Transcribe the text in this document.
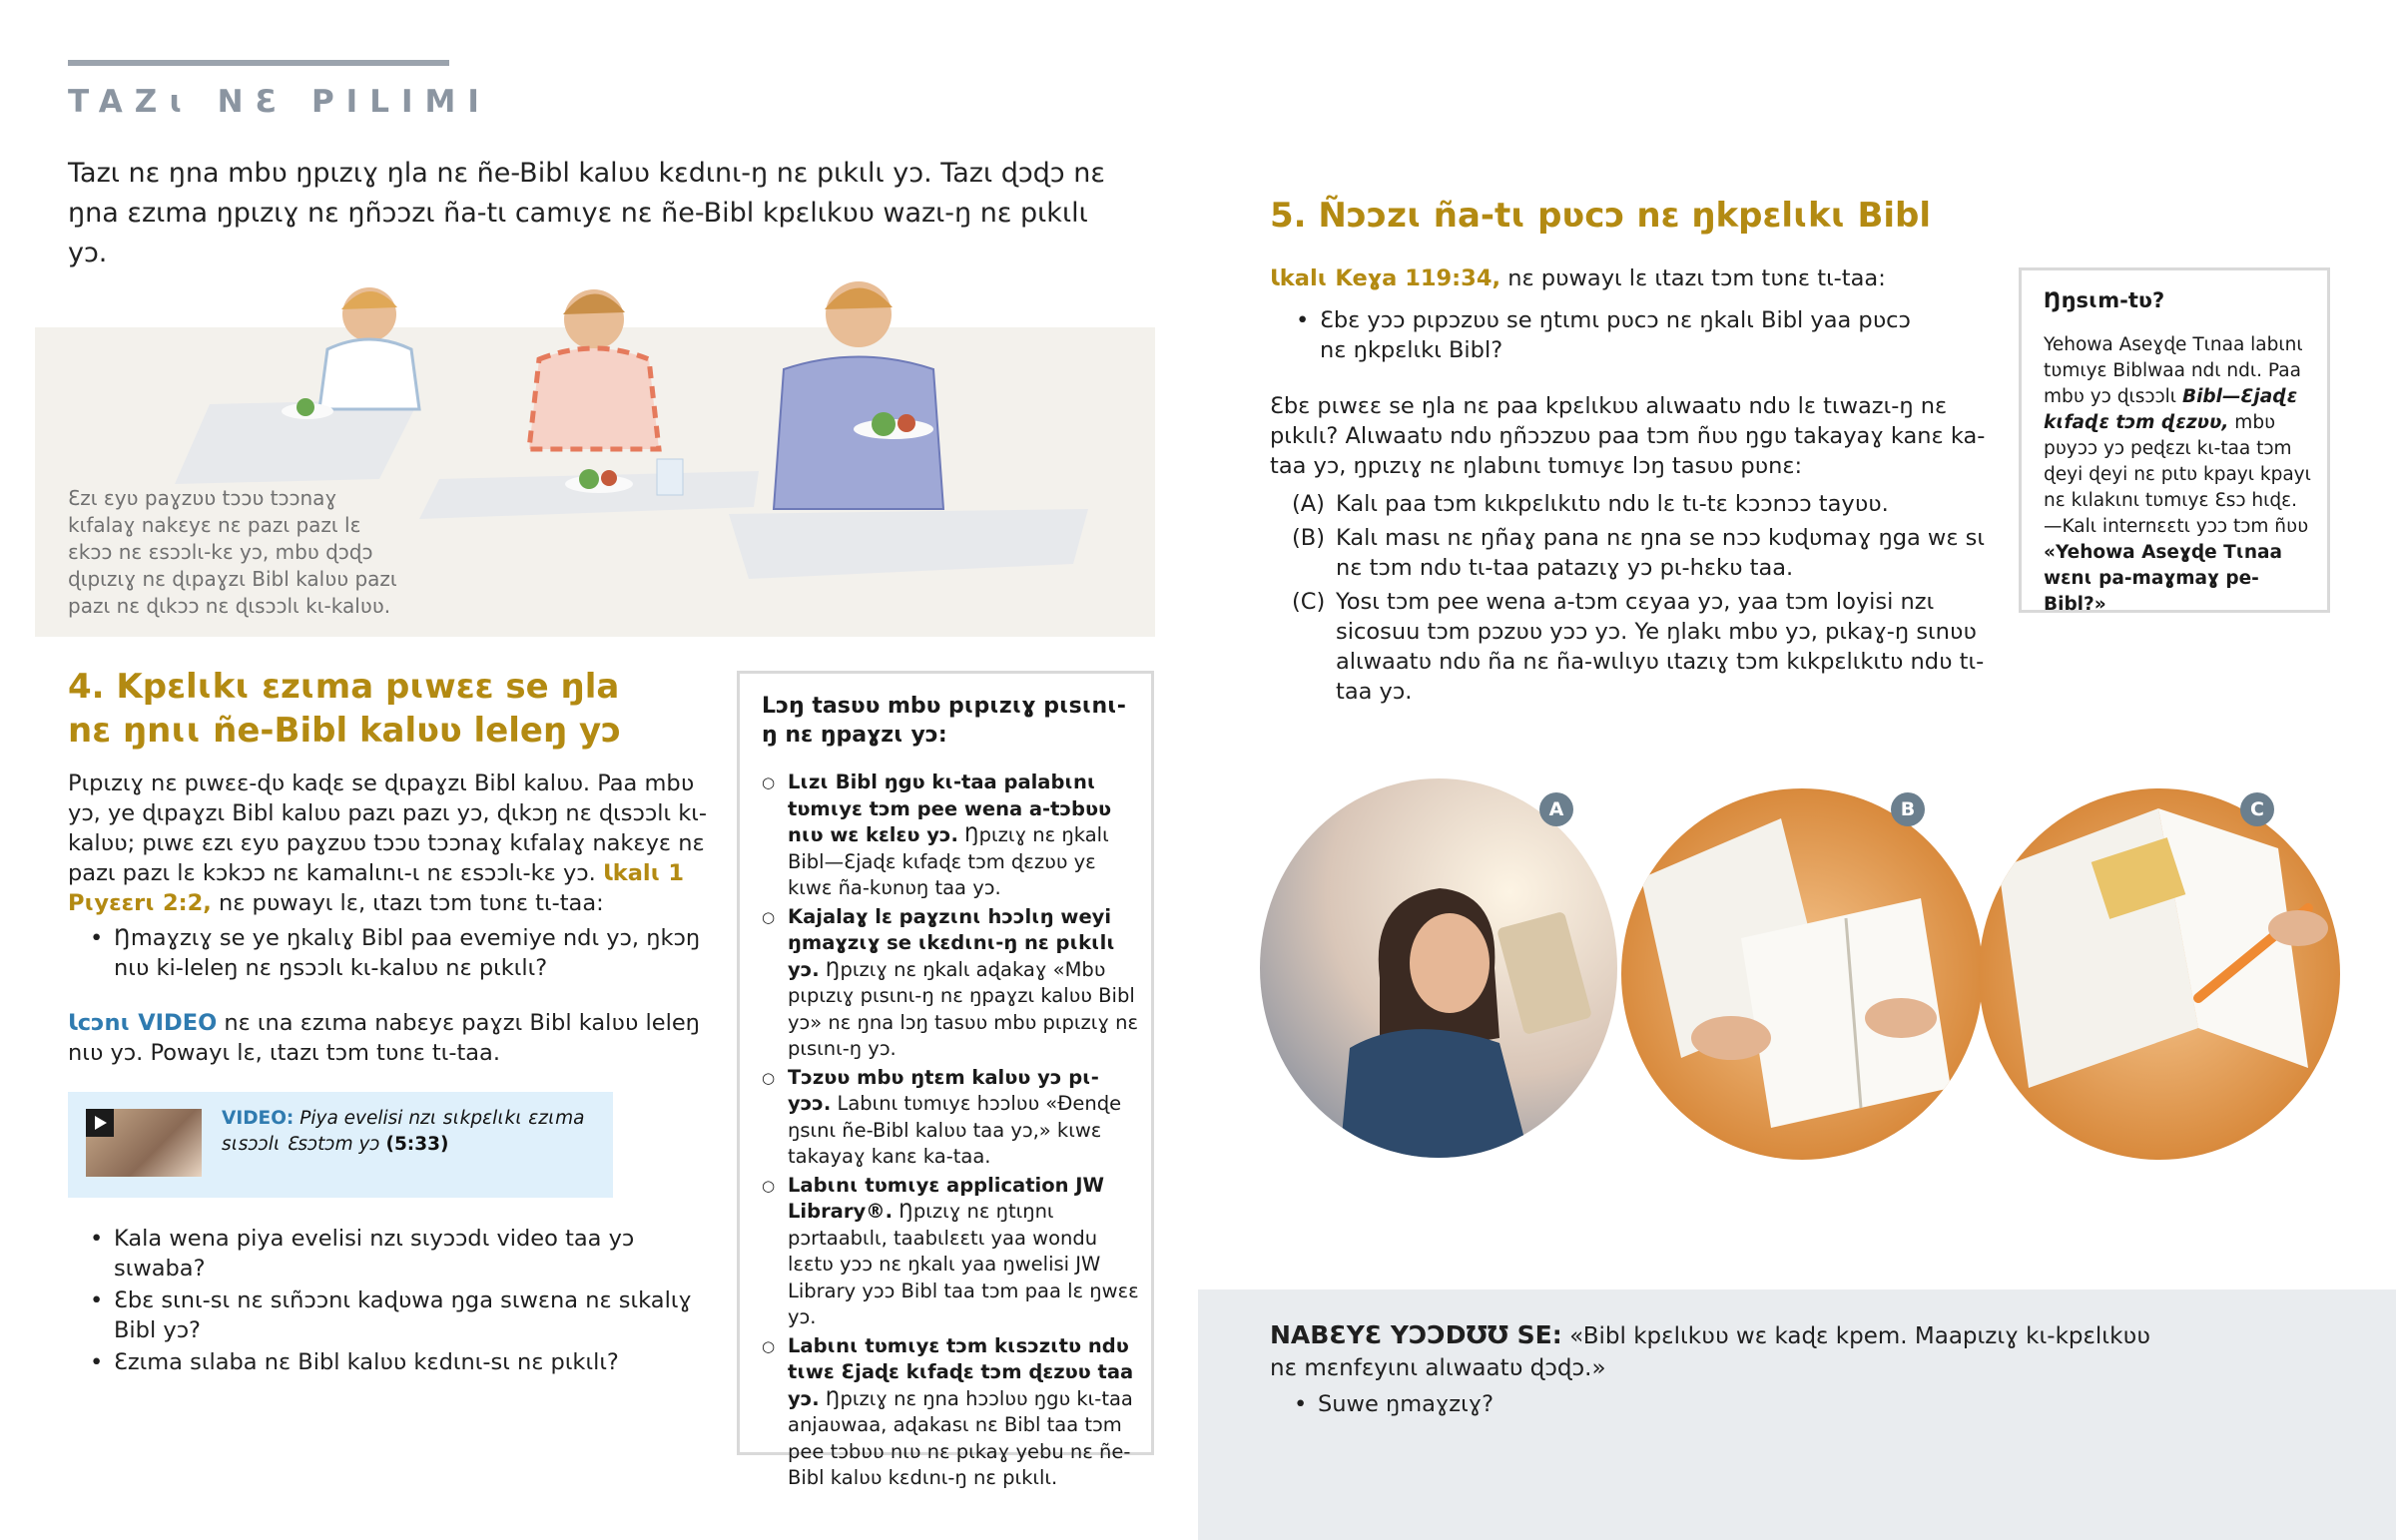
TAZɩ NƐ PILIMI
Tazɩ nɛ ŋna mbʋ ŋpɩzɩɣ ŋla nɛ ñe-Bibl kalʋʋ kɛdɩnɩ-ŋ nɛ pɩkɩlɩ yɔ. Tazɩ ɖɔɖɔ nɛ ŋna ɛzɩma ŋpɩzɩɣ nɛ ŋñɔɔzɩ ña-tɩ camɩyɛ nɛ ñe-Bibl kpɛlɩkʋʋ wazɩ-ŋ nɛ pɩkɩlɩ yɔ.
Ɛzɩ ɛyʋ paɣzʋʋ tɔɔʋ tɔɔnaɣ kɩfalaɣ nakɛyɛ nɛ pazɩ pazɩ lɛ ɛkɔɔ nɛ ɛsɔɔlɩ-kɛ yɔ, mbʋ ɖɔɖɔ ɖɩpɩzɩɣ nɛ ɖɩpaɣzɩ Bibl kalʋʋ pazɩ pazɩ nɛ ɖɩkɔɔ nɛ ɖɩsɔɔlɩ kɩ-kalʋʋ.
4. Kpɛlɩkɩ ɛzɩma pɩwɛɛ se ŋla nɛ ŋnɩɩ ñe-Bibl kalʋʋ leleŋ yɔ
Pɩpɩzɩɣ nɛ pɩwɛɛ-ɖʋ kaɖɛ se ɖɩpaɣzɩ Bibl kalʋʋ. Paa mbʋ yɔ, ye ɖɩpaɣzɩ Bibl kalʋʋ pazɩ pazɩ yɔ, ɖɩkɔŋ nɛ ɖɩsɔɔlɩ kɩ-kalʋʋ; pɩwɛ ɛzɩ ɛyʋ paɣzʋʋ tɔɔʋ tɔɔnaɣ kɩfalaɣ nakɛyɛ nɛ pazɩ pazɩ lɛ kɔkɔɔ nɛ kamalɩnɩ-ɩ nɛ ɛsɔɔlɩ-kɛ yɔ. Ɩkalɩ 1 Pɩyɛɛrɩ 2:2, nɛ pʋwayɩ lɛ, ɩtazɩ tɔm tʋnɛ tɩ-taa:
• Ŋmaɣzɩɣ se ye ŋkalɩɣ Bibl paa evemiye ndɩ yɔ, ŋkɔŋ nɩʋ ki-leleŋ nɛ ŋsɔɔlɩ kɩ-kalʋʋ nɛ pɩkɩlɩ?
Ɩcɔnɩ VIDEO nɛ ɩna ɛzɩma nabɛyɛ paɣzɩ Bibl kalʋʋ leleŋ nɩʋ yɔ. Powayɩ lɛ, ɩtazɩ tɔm tʋnɛ tɩ-taa.
VIDEO: Piya evelisi nzɩ sɩkpɛlɩkɩ ɛzɩma sɩsɔɔlɩ Ɛsɔtɔm yɔ (5:33)
• Kala wena piya evelisi nzɩ sɩyɔɔdɩ video taa yɔ sɩwaba?
• Ɛbɛ sɩnɩ-sɩ nɛ sɩñɔɔnɩ kaɖʋwa ŋga sɩwɛna nɛ sɩkalɩɣ Bibl yɔ?
• Ɛzɩma sɩlaba nɛ Bibl kalʋʋ kɛdɩnɩ-sɩ nɛ pɩkɩlɩ?
Lɔŋ tasʋʋ mbʋ pɩpɩzɩɣ pɩsɩnɩ-ŋ nɛ ŋpaɣzɩ yɔ:
○ Lɩzɩ Bibl ŋgʋ kɩ-taa palabɩnɩ tʋmɩyɛ tɔm pee wena a-tɔbʋʋ nɩʋ wɛ kɛlɛʋ yɔ. Ŋpɩzɩɣ nɛ ŋkalɩ Bibl—Ɛjaɖɛ kɩfaɖɛ tɔm ɖɛzʋʋ yɛ kɩwɛ ña-kʋnʋŋ taa yɔ.
○ Kajalaɣ lɛ paɣzɩnɩ hɔɔlɩŋ weyi ŋmaɣzɩɣ se ɩkɛdɩnɩ-ŋ nɛ pɩkɩlɩ yɔ. Ŋpɩzɩɣ nɛ ŋkalɩ aɖakaɣ «Mbʋ pɩpɩzɩɣ pɩsɩnɩ-ŋ nɛ ŋpaɣzɩ kalʋʋ Bibl yɔ» nɛ ŋna lɔŋ tasʋʋ mbʋ pɩpɩzɩɣ nɛ pɩsɩnɩ-ŋ yɔ.
○ Tɔzʋʋ mbʋ ŋtɛm kalʋʋ yɔ pɩ-yɔɔ. Labɩnɩ tʋmɩyɛ hɔɔlʋʋ «Ɖenɖe ŋsɩnɩ ñe-Bibl kalʋʋ taa yɔ,» kɩwɛ takayaɣ kanɛ ka-taa.
○ Labɩnɩ tʋmɩyɛ application JW Library®. Ŋpɩzɩɣ nɛ ŋtɩŋnɩ pɔrtaabɩlɩ, taabɩlɛɛtɩ yaa wondu lɛɛtʋ yɔɔ nɛ ŋkalɩ yaa ŋwelisi JW Library yɔɔ Bibl taa tɔm paa lɛ ŋwɛɛ yɔ.
○ Labɩnɩ tʋmɩyɛ tɔm kɩsɔzɩtʋ ndʋ tɩwɛ Ɛjaɖɛ kɩfaɖɛ tɔm ɖɛzʋʋ taa yɔ. Ŋpɩzɩɣ nɛ ŋna hɔɔlʋʋ ŋgʋ kɩ-taa anjaʋwaa, aɖakasɩ nɛ Bibl taa tɔm pee tɔbʋʋ nɩʋ nɛ pɩkaɣ yebu nɛ ñe-Bibl kalʋʋ kɛdɩnɩ-ŋ nɛ pɩkɩlɩ.
5. Ñɔɔzɩ ña-tɩ pʋcɔ nɛ ŋkpɛlɩkɩ Bibl
Ɩkalɩ Keɣa 119:34, nɛ pʋwayɩ lɛ ɩtazɩ tɔm tʋnɛ tɩ-taa:
• Ɛbɛ yɔɔ pɩpɔzʋʋ se ŋtɩmɩ pʋcɔ nɛ ŋkalɩ Bibl yaa pʋcɔ nɛ ŋkpɛlɩkɩ Bibl?
Ɛbɛ pɩwɛɛ se ŋla nɛ paa kpɛlɩkʋʋ alɩwaatʋ ndʋ lɛ tɩwazɩ-ŋ nɛ pɩkɩlɩ? Alɩwaatʋ ndʋ ŋñɔɔzʋʋ paa tɔm ñʋʋ ŋgʋ takayaɣ kanɛ ka-taa yɔ, ŋpɩzɩɣ nɛ ŋlabɩnɩ tʋmɩyɛ lɔŋ tasʋʋ pʋnɛ:
(A) Kalɩ paa tɔm kɩkpɛlɩkɩtʋ ndʋ lɛ tɩ-tɛ kɔɔnɔɔ tayʋʋ.
(B) Kalɩ masɩ nɛ ŋñaɣ pana nɛ ŋna se nɔɔ kʋɖʋmaɣ ŋga wɛ sɩ nɛ tɔm ndʋ tɩ-taa patazɩɣ yɔ pɩ-hɛkʋ taa.
(C) Yosɩ tɔm pee wena a-tɔm cɛyaa yɔ, yaa tɔm loyisi nzɩ sicosuu tɔm pɔzʋʋ yɔɔ yɔ. Ye ŋlakɩ mbʋ yɔ, pɩkaɣ-ŋ sɩnʋʋ alɩwaatʋ ndʋ ña nɛ ña-wɩlɩyʋ ɩtazɩɣ tɔm kɩkpɛlɩkɩtʋ ndʋ tɩ-taa yɔ.
Ŋŋsɩm-tʋ?
Yehowa Aseɣɖe Tɩnaa labɩnɩ tʋmɩyɛ Biblwaa ndɩ ndɩ. Paa mbʋ yɔ ɖɩsɔɔlɩ Bibl—Ɛjaɖɛ kɩfaɖɛ tɔm ɖɛzʋʋ, mbʋ pʋyɔɔ yɔ peɖɛzɩ kɩ-taa tɔm ɖeyi ɖeyi nɛ pɩtʋ kpayɩ kpayɩ nɛ kɩlakɩnɩ tʋmɩyɛ Ɛsɔ hɩɖɛ. —Kalɩ internɛɛtɩ yɔɔ tɔm ñʋʋ «Yehowa Aseɣɖe Tɩnaa wɛnɩ pa-maɣmaɣ pe-Bibl?»
A	B	C
NABƐYƐ YƆƆDƱƱ SE: «Bibl kpɛlɩkʋʋ wɛ kaɖɛ kpem. Maapɩzɩɣ kɩ-kpɛlɩkʋʋ nɛ mɛnfɛyɩnɩ alɩwaatʋ ɖɔɖɔ.»
• Suwe ŋmaɣzɩɣ?
